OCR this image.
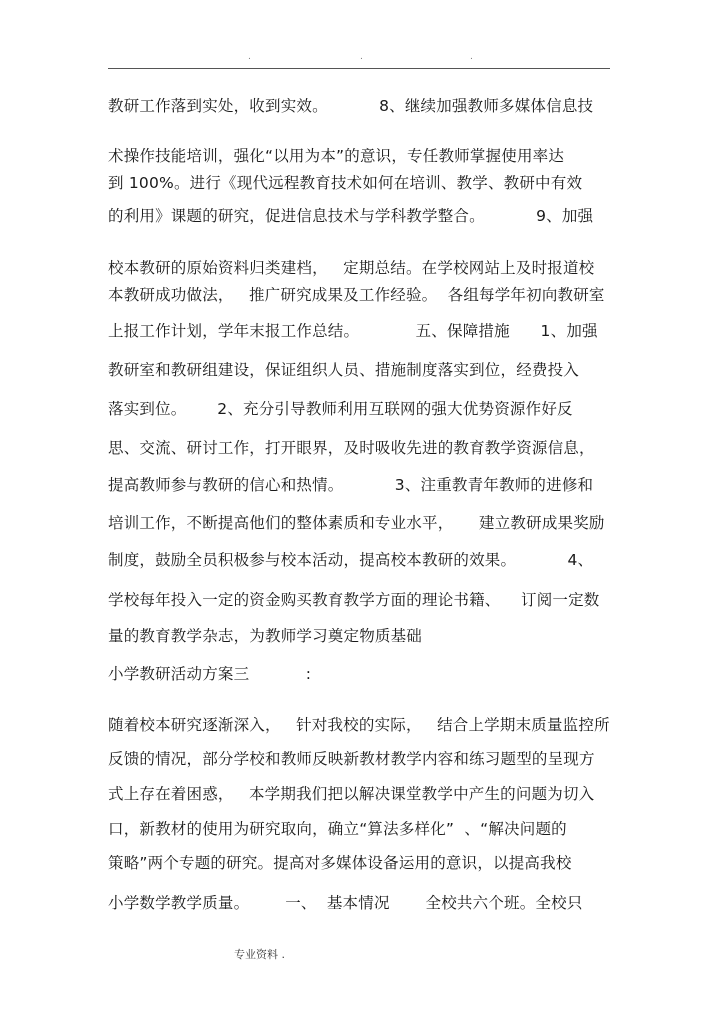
.	.	.
教研工作落到实处，收到实效。          8、继续加强教师多媒体信息技
术操作技能培训，强化“以用为本”的意识，专任教师掌握使用率达
到 100%。进行《现代远程教育技术如何在培训、教学、教研中有效
的利用》课题的研究，促进信息技术与学科教学整合。          9、加强
校本教研的原始资料归类建档，   定期总结。在学校网站上及时报道校
本教研成功做法，   推广研究成果及工作经验。  各组每学年初向教研室
上报工作计划，学年末报工作总结。           五、保障措施      1、加强
教研室和教研组建设，保证组织人员、措施制度落实到位，经费投入
落实到位。      2、充分引导教师利用互联网的强大优势资源作好反
思、交流、研讨工作，打开眼界，及时吸收先进的教育教学资源信息，
提高教师参与教研的信心和热情。          3、注重教青年教师的进修和
培训工作，不断提高他们的整体素质和专业水平，     建立教研成果奖励
制度，鼓励全员积极参与校本活动，提高校本教研的效果。          4、
学校每年投入一定的资金购买教育教学方面的理论书籍、    订阅一定数
量的教育教学杂志，为教师学习奠定物质基础
小学教研活动方案三           :
随着校本研究逐渐深入，   针对我校的实际，   结合上学期末质量监控所
反馈的情况，部分学校和教师反映新教材教学内容和练习题型的呈现方
式上存在着困惑，   本学期我们把以解决课堂教学中产生的问题为切入
口，新教材的使用为研究取向，确立“算法多样化”  、“解决问题的
策略”两个专题的研究。提高对多媒体设备运用的意识，以提高我校
小学数学教学质量。       一、  基本情况       全校共六个班。全校只
专业资料 .
